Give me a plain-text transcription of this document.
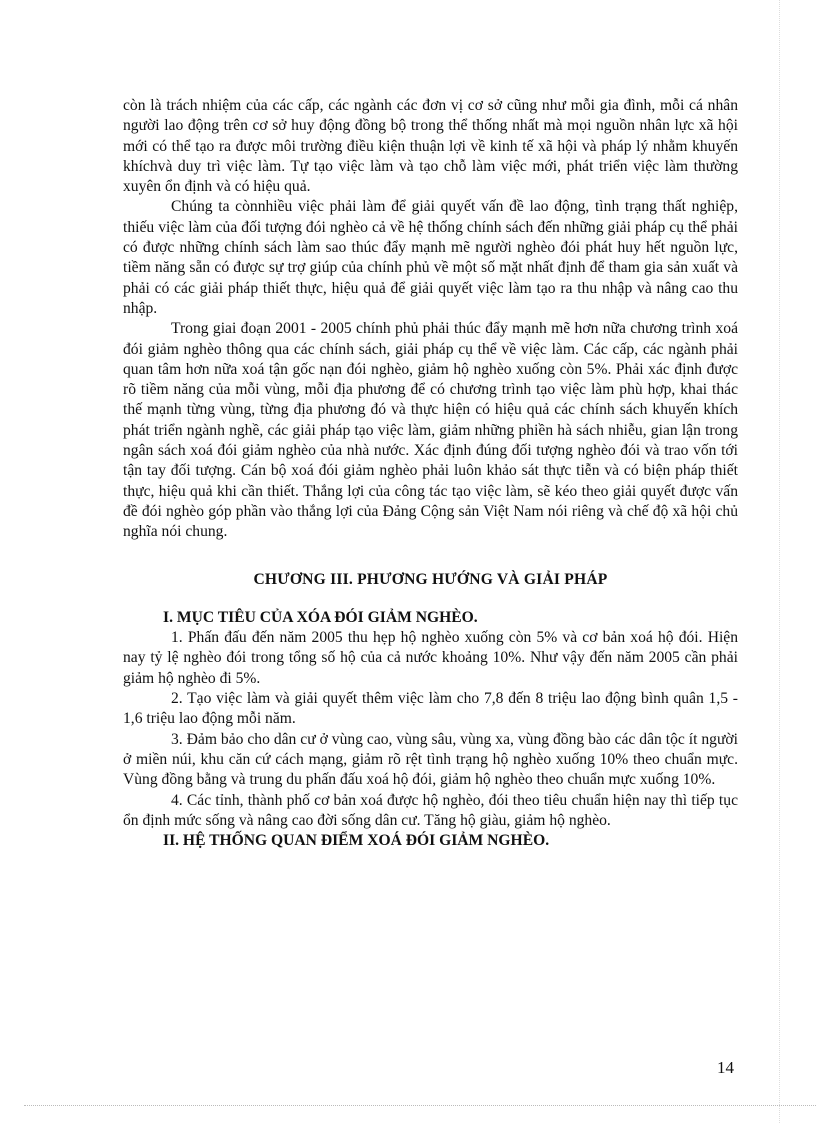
còn là trách nhiệm của các cấp, các ngành các đơn vị cơ sở cũng như mỗi gia đình, mỗi cá nhân người lao động trên cơ sở huy động đồng bộ trong thể thống nhất mà mọi nguồn nhân lực xã hội mới có thể tạo ra được môi trường điều kiện thuận lợi về kinh tế xã hội và pháp lý nhằm khuyến khíchvà duy trì việc làm. Tự tạo việc làm và tạo chỗ làm việc mới, phát triển việc làm thường xuyên ổn định và có hiệu quả.

Chúng ta cònnhiều việc phải làm để giải quyết vấn đề lao động, tình trạng thất nghiệp, thiếu việc làm của đối tượng đói nghèo cả về hệ thống chính sách đến những giải pháp cụ thể phải có được những chính sách làm sao thúc đẩy mạnh mẽ người nghèo đói phát huy hết nguồn lực, tiềm năng sẵn có được sự trợ giúp của chính phủ về một số mặt nhất định để tham gia sản xuất và phải có các giải pháp thiết thực, hiệu quả để giải quyết việc làm tạo ra thu nhập và nâng cao thu nhập.

Trong giai đoạn 2001 - 2005 chính phủ phải thúc đẩy mạnh mẽ hơn nữa chương trình xoá đói giảm nghèo thông qua các chính sách, giải pháp cụ thể về việc làm. Các cấp, các ngành phải quan tâm hơn nữa xoá tận gốc nạn đói nghèo, giảm hộ nghèo xuống còn 5%. Phải xác định được rõ tiềm năng của mỗi vùng, mỗi địa phương để có chương trình tạo việc làm phù hợp, khai thác thế mạnh từng vùng, từng địa phương đó và thực hiện có hiệu quả các chính sách khuyến khích phát triển ngành nghề, các giải pháp tạo việc làm, giảm những phiền hà sách nhiễu, gian lận trong ngân sách xoá đói giảm nghèo của nhà nước. Xác định đúng đối tượng nghèo đói và trao vốn tới tận tay đối tượng. Cán bộ xoá đói giảm nghèo phải luôn khảo sát thực tiễn và có biện pháp thiết thực, hiệu quả khi cần thiết. Thắng lợi của công tác tạo việc làm, sẽ kéo theo giải quyết được vấn đề đói nghèo góp phần vào thắng lợi của Đảng Cộng sản Việt Nam nói riêng và chế độ xã hội chủ nghĩa nói chung.

CHƯƠNG III. PHƯƠNG HƯỚNG VÀ GIẢI PHÁP

I. MỤC TIÊU CỦA XÓA ĐÓI GIẢM NGHÈO.

1. Phấn đấu đến năm 2005 thu hẹp hộ nghèo xuống còn 5% và cơ bản xoá hộ đói. Hiện nay tỷ lệ nghèo đói trong tổng số hộ của cả nước khoảng 10%. Như vậy đến năm 2005 cần phải giảm hộ nghèo đi 5%.

2. Tạo việc làm và giải quyết thêm việc làm cho 7,8 đến 8 triệu lao động bình quân 1,5 - 1,6 triệu lao động mỗi năm.

3. Đảm bảo cho dân cư ở vùng cao, vùng sâu, vùng xa, vùng đồng bào các dân tộc ít người ở miền núi, khu căn cứ cách mạng, giảm rõ rệt tình trạng hộ nghèo xuống 10% theo chuẩn mực. Vùng đồng bằng và trung du phấn đấu xoá hộ đói, giảm hộ nghèo theo chuẩn mực xuống 10%.

4. Các tỉnh, thành phố cơ bản xoá được hộ nghèo, đói theo tiêu chuẩn hiện nay thì tiếp tục ổn định mức sống và nâng cao đời sống dân cư. Tăng hộ giàu, giảm hộ nghèo.

II. HỆ THỐNG QUAN ĐIỂM XOÁ ĐÓI GIẢM NGHÈO.

14
